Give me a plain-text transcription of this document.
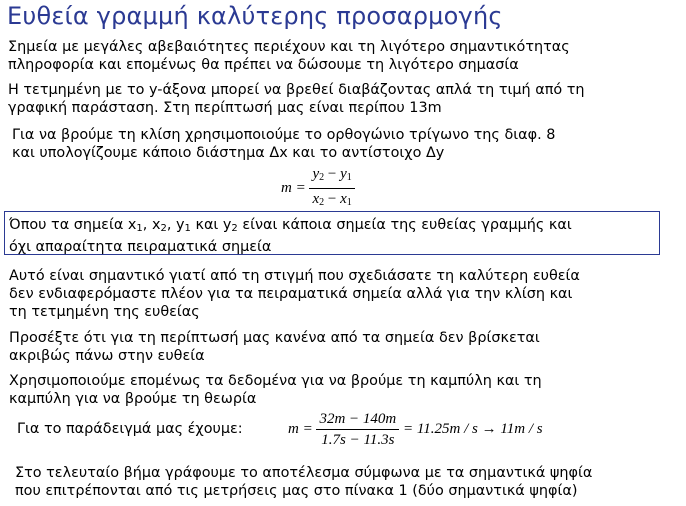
Ευθεία γραμμή καλύτερης προσαρμογής
Σημεία με μεγάλες αβεβαιότητες περιέχουν και τη λιγότερο σημαντικότητας
πληροφορία και επομένως θα πρέπει να δώσουμε τη λιγότερο σημασία
Η τετμημένη με το y-άξονα μπορεί να βρεθεί διαβάζοντας απλά τη τιμή από τη
γραφική παράσταση. Στη περίπτωσή μας είναι περίπου 13m
Για να βρούμε τη κλίση χρησιμοποιούμε το ορθογώνιο τρίγωνο της διαφ. 8
και υπολογίζουμε κάποιο διάστημα Δx και το αντίστοιχο Δy
$m = \frac{y_2 - y_1}{x_2 - x_1}$
Όπου τα σημεία $x_1$, $x_2$, $y_1$ και $y_2$ είναι κάποια σημεία της ευθείας γραμμής και
όχι απαραίτητα πειραματικά σημεία
Αυτό είναι σημαντικό γιατί από τη στιγμή που σχεδιάσατε τη καλύτερη ευθεία
δεν ενδιαφερόμαστε πλέον για τα πειραματικά σημεία αλλά για την κλίση και
τη τετμημένη της ευθείας
Προσέξτε ότι για τη περίπτωσή μας κανένα από τα σημεία δεν βρίσκεται
ακριβώς πάνω στην ευθεία
Χρησιμοποιούμε επομένως τα δεδομένα για να βρούμε τη καμπύλη και τη
καμπύλη για να βρούμε τη θεωρία
Για το παράδειγμά μας έχουμε:	$m = \frac{32m - 140m}{1.7s - 11.3s} = 11.25m / s \to 11m / s$
Στο τελευταίο βήμα γράφουμε το αποτέλεσμα σύμφωνα με τα σημαντικά ψηφία
που επιτρέπονται από τις μετρήσεις μας στο πίνακα 1 (δύο σημαντικά ψηφία)
